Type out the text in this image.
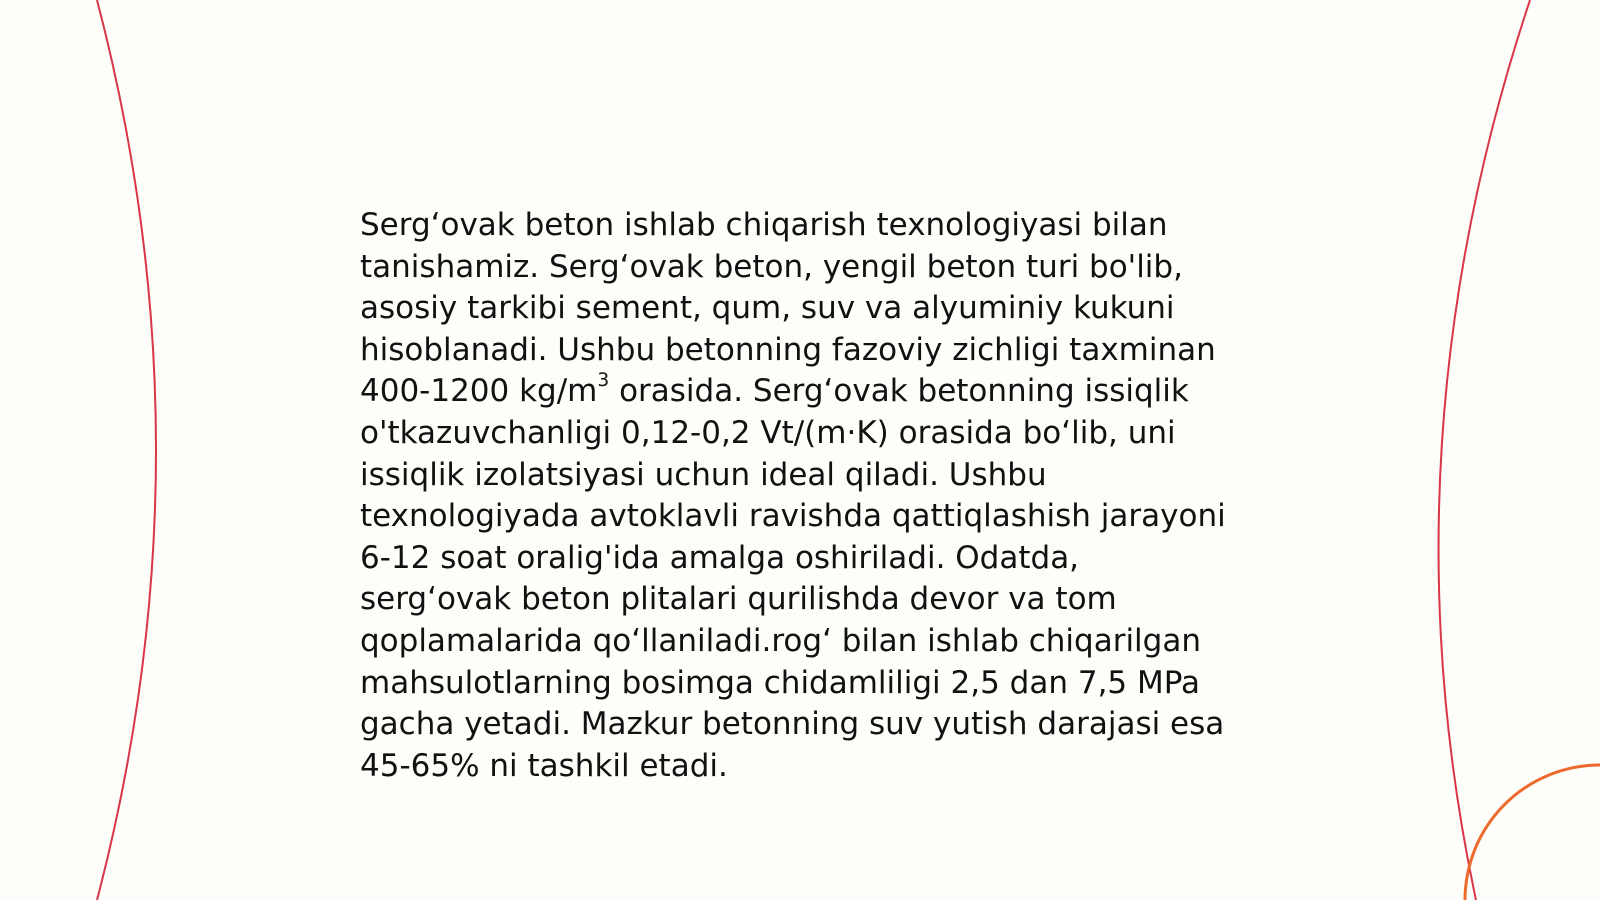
Sergʻovak beton ishlab chiqarish texnologiyasi bilan tanishamiz. Sergʻovak beton, yengil beton turi bo'lib, asosiy tarkibi sement, qum, suv va alyuminiy kukuni hisoblanadi. Ushbu betonning fazoviy zichligi taxminan 400-1200 $kg/m^3$ orasida. Sergʻovak betonning issiqlik o'tkazuvchanligi 0,12-0,2 Vt/(m·K) orasida boʻlib, uni issiqlik izolatsiyasi uchun ideal qiladi. Ushbu texnologiyada avtoklavli ravishda qattiqlashish jarayoni 6-12 soat oralig'ida amalga oshiriladi. Odatda, sergʻovak beton plitalari qurilishda devor va tom qoplamalarida qoʻllaniladi.rogʻ bilan ishlab chiqarilgan mahsulotlarning bosimga chidamliligi 2,5 dan 7,5 MPa gacha yetadi. Mazkur betonning suv yutish darajasi esa 45-65% ni tashkil etadi.
